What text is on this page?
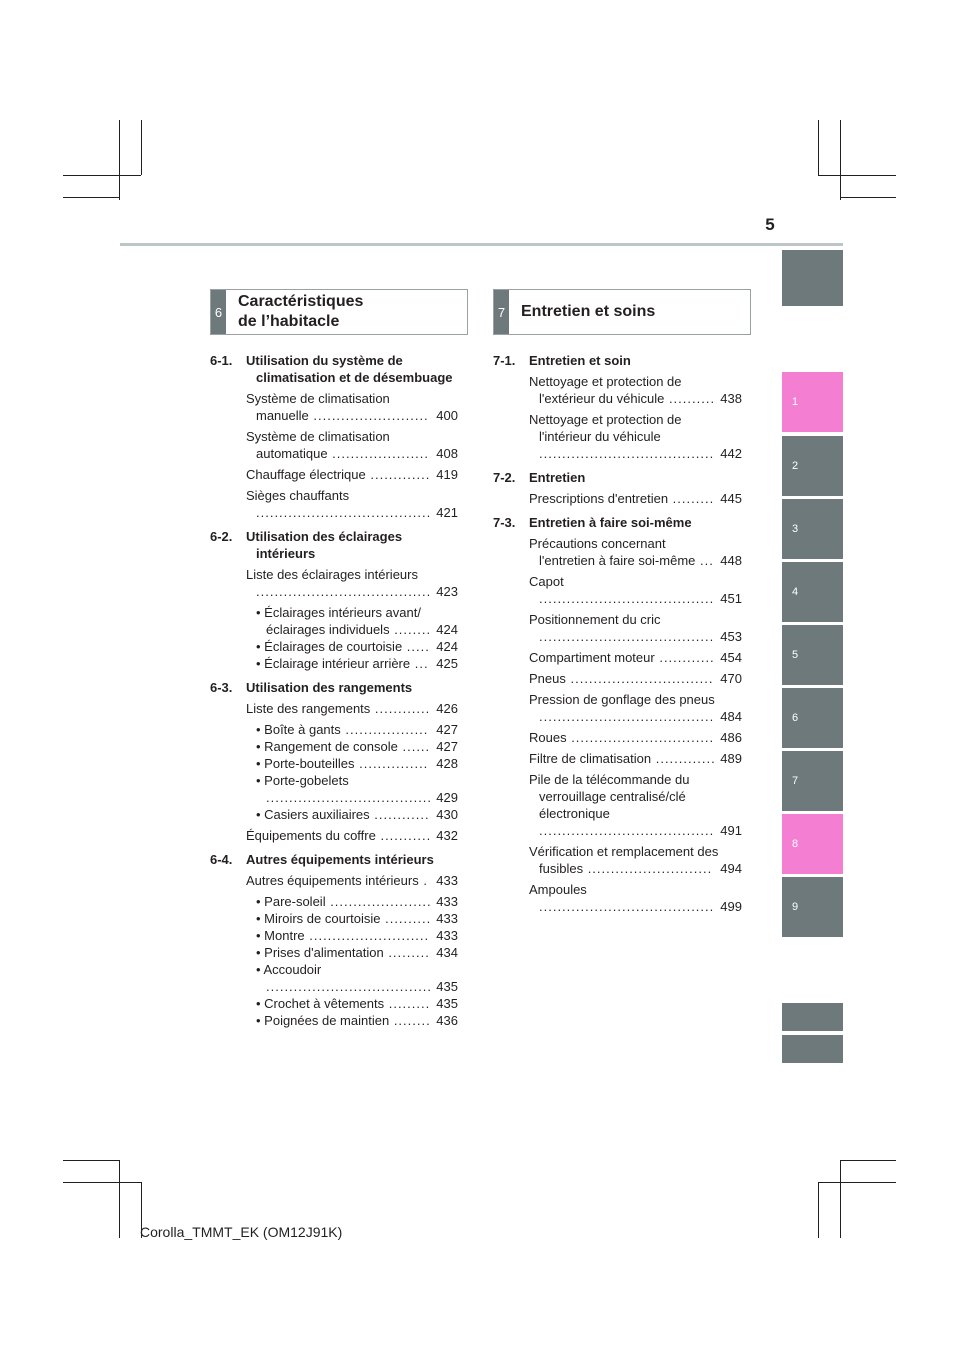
5
6
Caractéristiques
de l’habitacle
7 Entretien et soins
6-1.	Utilisation du système de climatisation et de désembuage
Système de climatisation manuelle ......................... 400
Système de climatisation automatique ..................... 408
Chauffage électrique ............. 419
Sièges chauffants ...................................... 421
6-2.	Utilisation des éclairages intérieurs
Liste des éclairages intérieurs ...................................... 423
• Éclairages intérieurs avant/éclairages individuels ........ 424
• Éclairages de courtoisie ..... 424
• Éclairage intérieur arrière ... 425
6-3.	Utilisation des rangements
Liste des rangements ............ 426
• Boîte à gants .................. 427
• Rangement de console ...... 427
• Porte-bouteilles ............... 428
• Porte-gobelets .................................... 429
• Casiers auxiliaires ............ 430
Équipements du coffre ........... 432
6-4.	Autres équipements intérieurs
Autres équipements intérieurs . 433
• Pare-soleil ...................... 433
• Miroirs de courtoisie .......... 433
• Montre .......................... 433
• Prises d'alimentation ......... 434
• Accoudoir .................................... 435
• Crochet à vêtements ......... 435
• Poignées de maintien ........ 436
7-1.	Entretien et soin
Nettoyage et protection de l'extérieur du véhicule .......... 438
Nettoyage et protection de l'intérieur du véhicule ...................................... 442
7-2.	Entretien
Prescriptions d'entretien ......... 445
7-3.	Entretien à faire soi-même
Précautions concernant l'entretien à faire soi-même ... 448
Capot ...................................... 451
Positionnement du cric ...................................... 453
Compartiment moteur ............ 454
Pneus ............................... 470
Pression de gonflage des pneus ...................................... 484
Roues ............................... 486
Filtre de climatisation ............. 489
Pile de la télécommande du verrouillage centralisé/clé électronique ...................................... 491
Vérification et remplacement des fusibles ........................... 494
Ampoules ...................................... 499
1
2
3
4
5
6
7
8
9
Corolla_TMMT_EK (OM12J91K)
